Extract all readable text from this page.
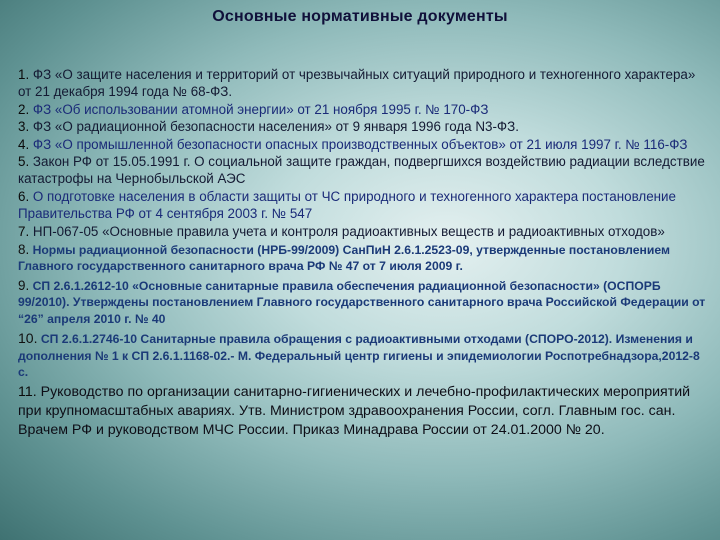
Основные нормативные документы

1. ФЗ «О защите населения и территорий от чрезвычайных ситуаций природного и техногенного характера» от 21 декабря 1994 года № 68-ФЗ.

2. ФЗ «Об использовании атомной энергии» от 21 ноября 1995 г. № 170-ФЗ

3. ФЗ «О радиационной безопасности населения» от 9 января 1996 года N3-ФЗ.

4. ФЗ «О промышленной безопасности опасных производственных объектов» от 21 июля 1997 г. № 116-ФЗ

5. Закон РФ от 15.05.1991 г. О социальной защите граждан, подвергшихся воздействию радиации вследствие катастрофы на Чернобыльской АЭС

6. О подготовке населения в области защиты от ЧС природного и техногенного характера постановление Правительства РФ от 4 сентября 2003 г. № 547

7. НП-067-05 «Основные правила учета и контроля радиоактивных веществ и радиоактивных отходов»

8. Нормы радиационной безопасности (НРБ-99/2009) СанПиН 2.6.1.2523-09, утвержденные постановлением Главного государственного санитарного врача РФ № 47 от 7 июля 2009 г.

9. СП 2.6.1.2612-10 «Основные санитарные правила обеспечения радиационной безопасности» (ОСПОРБ 99/2010). Утверждены постановлением Главного государственного санитарного врача Российской Федерации от “26” апреля 2010 г. № 40

10. СП 2.6.1.2746-10 Санитарные правила обращения с радиоактивными отходами (СПОРО-2012). Изменения и дополнения № 1 к СП 2.6.1.1168-02.- М. Федеральный центр гигиены и эпидемиологии Роспотребнадзора,2012-8 с.

11. Руководство по организации санитарно-гигиенических и лечебно-профилактических мероприятий при крупномасштабных авариях. Утв. Министром здравоохранения России, согл. Главным гос. сан. Врачем РФ и руководством МЧС России. Приказ Минадрава России от 24.01.2000 № 20.
